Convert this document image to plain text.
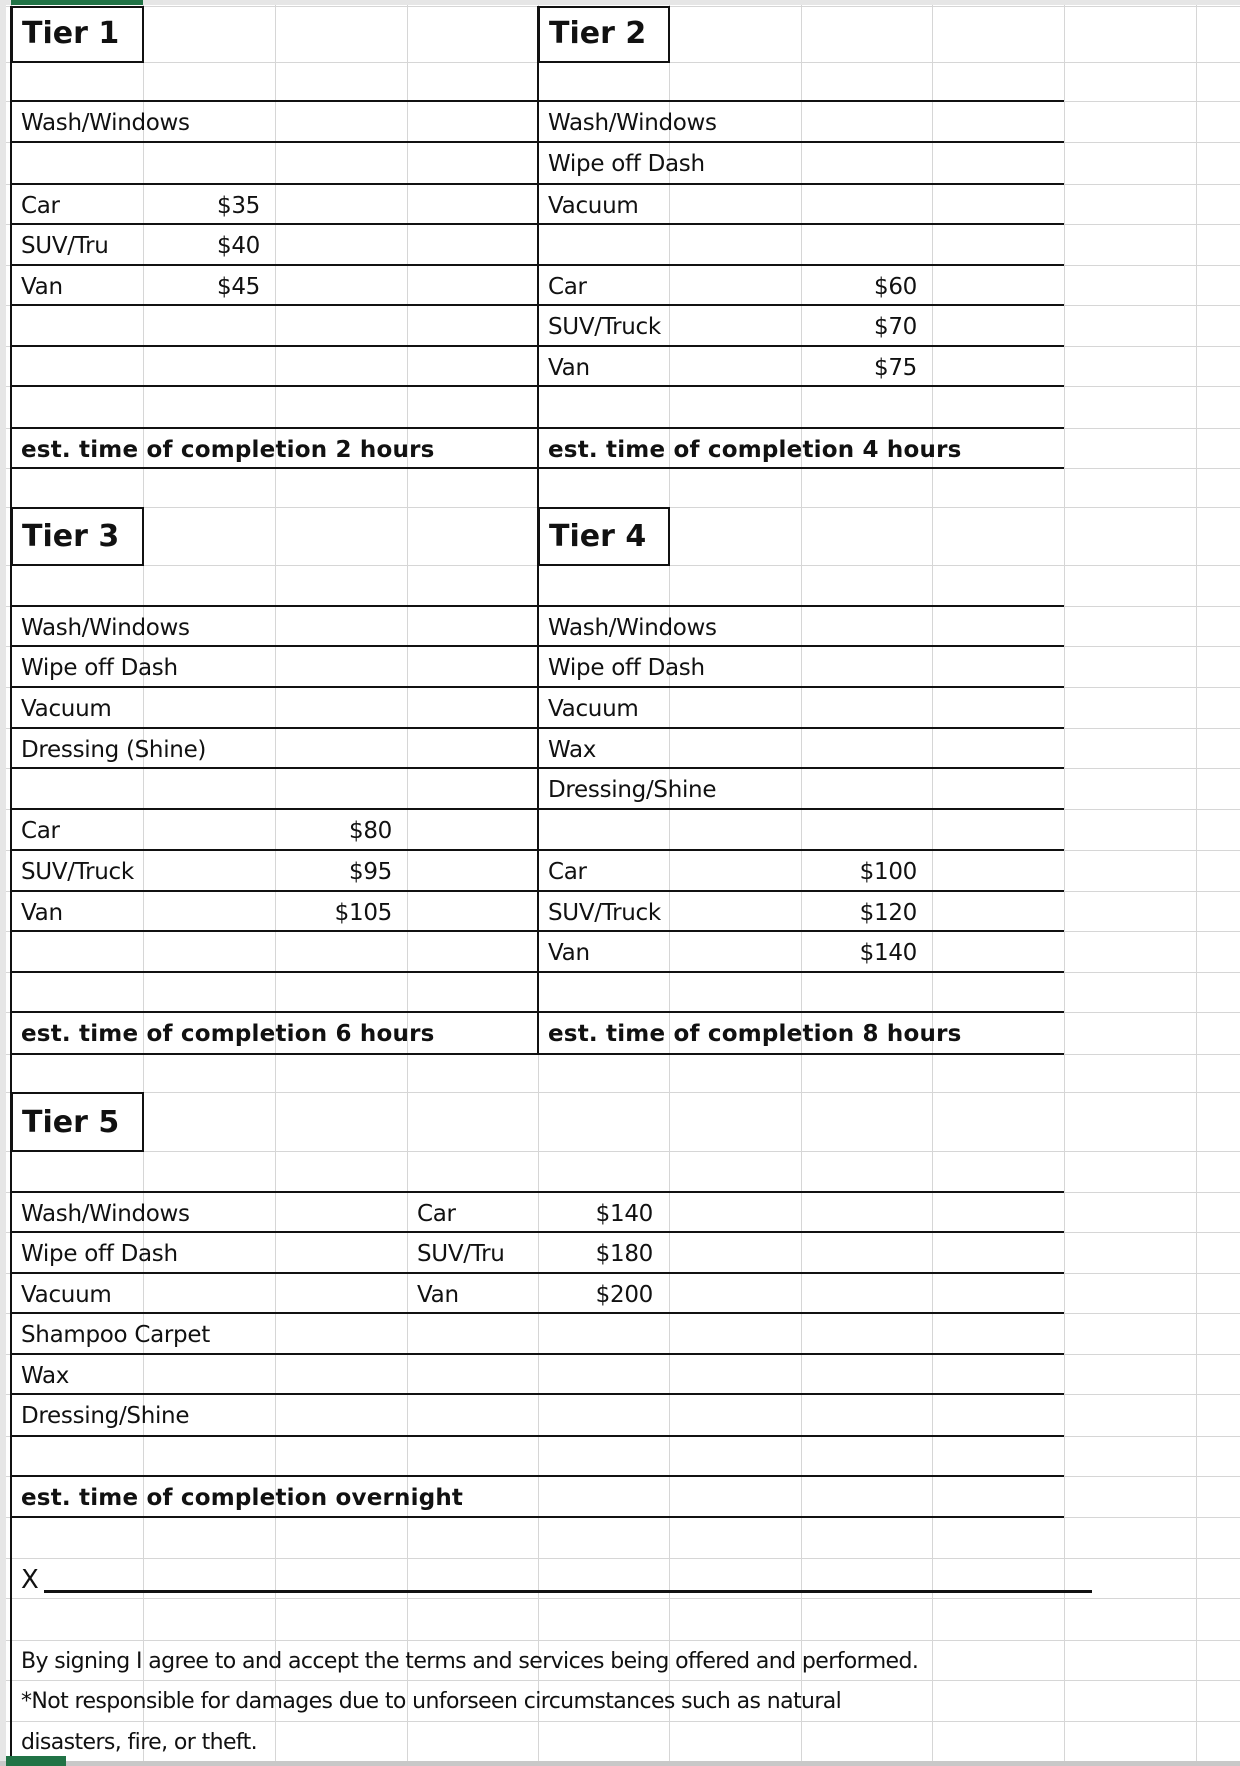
Tier 1
Wash/Windows
Car	$35
SUV/Tru	$40
Van	$45
est. time of completion 2 hours
Tier 2
Wash/Windows
Wipe off Dash
Vacuum
Car	$60
SUV/Truck	$70
Van	$75
est. time of completion 4 hours
Tier 3
Wash/Windows
Wipe off Dash
Vacuum
Dressing (Shine)
Car	$80
SUV/Truck	$95
Van	$105
est. time of completion 6 hours
Tier 4
Wash/Windows
Wipe off Dash
Vacuum
Wax
Dressing/Shine
Car	$100
SUV/Truck	$120
Van	$140
est. time of completion 8 hours
Tier 5
Wash/Windows
Wipe off Dash
Vacuum
Shampoo Carpet
Wax
Dressing/Shine
Car	$140
SUV/Tru	$180
Van	$200
est. time of completion overnight
X
By signing I agree to and accept the terms and services being offered and performed.
*Not responsible for damages due to unforseen circumstances such as natural
disasters, fire, or theft.
